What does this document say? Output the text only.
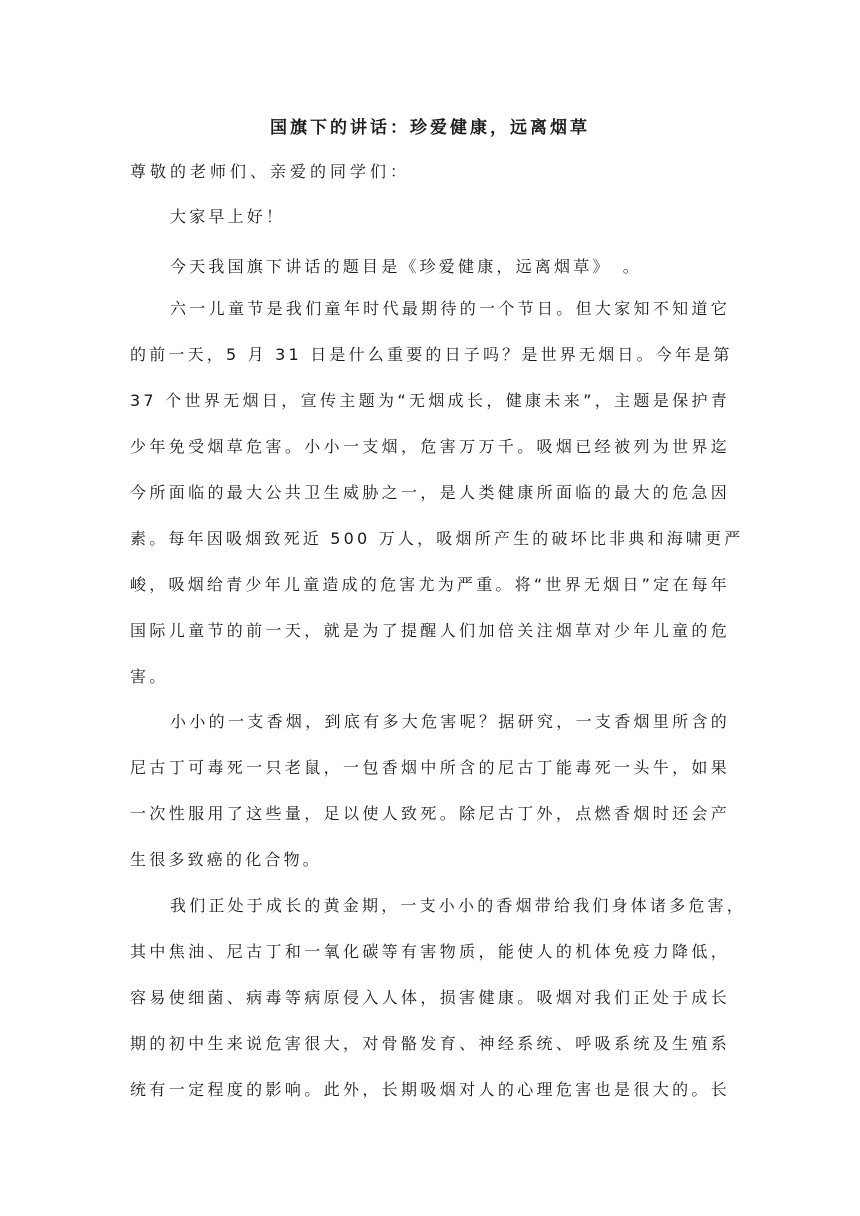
国旗下的讲话：珍爱健康，远离烟草
尊敬的老师们、亲爱的同学们：
大家早上好！
今天我国旗下讲话的题目是《珍爱健康，远离烟草》　。
六一儿童节是我们童年时代最期待的一个节日。但大家知不知道它
的前一天，5 月 31 日是什么重要的日子吗？是世界无烟日。今年是第
37 个世界无烟日，宣传主题为“无烟成长，健康未来”，主题是保护青
少年免受烟草危害。小小一支烟，危害万万千。吸烟已经被列为世界迄
今所面临的最大公共卫生威胁之一，是人类健康所面临的最大的危急因
素。每年因吸烟致死近 500 万人，吸烟所产生的破坏比非典和海啸更严
峻，吸烟给青少年儿童造成的危害尤为严重。将“世界无烟日”定在每年
国际儿童节的前一天，就是为了提醒人们加倍关注烟草对少年儿童的危
害。
小小的一支香烟，到底有多大危害呢？据研究，一支香烟里所含的
尼古丁可毒死一只老鼠，一包香烟中所含的尼古丁能毒死一头牛，如果
一次性服用了这些量，足以使人致死。除尼古丁外，点燃香烟时还会产
生很多致癌的化合物。
我们正处于成长的黄金期，一支小小的香烟带给我们身体诸多危害，
其中焦油、尼古丁和一氧化碳等有害物质，能使人的机体免疫力降低，
容易使细菌、病毒等病原侵入人体，损害健康。吸烟对我们正处于成长
期的初中生来说危害很大，对骨骼发育、神经系统、呼吸系统及生殖系
统有一定程度的影响。此外，长期吸烟对人的心理危害也是很大的。长
